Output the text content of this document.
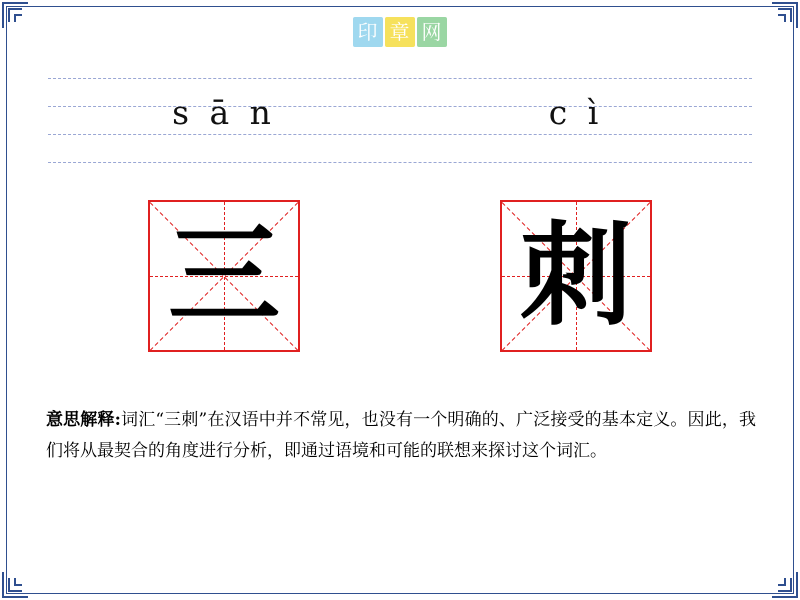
印 章 网
s ā n	c ì
三 刺
意思解释:词汇“三刺”在汉语中并不常见，也没有一个明确的、广泛接受的基本定义。因此，我们将从最契合的角度进行分析，即通过语境和可能的联想来探讨这个词汇。
